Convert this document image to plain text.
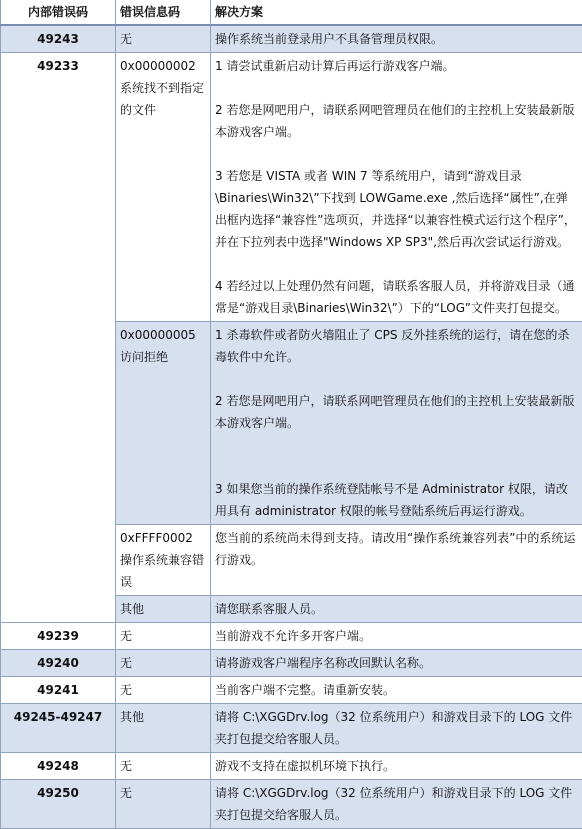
内部错误码	错误信息码	解决方案
49243	无	操作系统当前登录用户不具备管理员权限。
49233	0x00000002 系统找不到指定的文件	1 请尝试重新启动计算后再运行游戏客户端。

2 若您是网吧用户，请联系网吧管理员在他们的主控机上安装最新版本游戏客户端。

3 若您是 VISTA 或者 WIN 7 等系统用户，请到“游戏目录\Binaries\Win32\”下找到 LOWGame.exe ,然后选择“属性”,在弹出框内选择“兼容性”选项页，并选择“以兼容性模式运行这个程序”，并在下拉列表中选择"Windows XP SP3",然后再次尝试运行游戏。

4 若经过以上处理仍然有问题，请联系客服人员，并将游戏目录（通常是“游戏目录\Binaries\Win32\”）下的“LOG”文件夹打包提交。

	0x00000005 访问拒绝	1 杀毒软件或者防火墙阻止了 CPS 反外挂系统的运行，请在您的杀毒软件中允许。

2 若您是网吧用户，请联系网吧管理员在他们的主控机上安装最新版本游戏客户端。

3 如果您当前的操作系统登陆帐号不是 Administrator 权限，请改用具有 administrator 权限的帐号登陆系统后再运行游戏。

	0xFFFF0002 操作系统兼容错误	您当前的系统尚未得到支持。请改用“操作系统兼容列表”中的系统运行游戏。
	其他	请您联系客服人员。
49239	无	当前游戏不允许多开客户端。
49240	无	请将游戏客户端程序名称改回默认名称。
49241	无	当前客户端不完整。请重新安装。
49245-49247	其他	请将 C:\XGGDrv.log（32 位系统用户）和游戏目录下的 LOG 文件夹打包提交给客服人员。
49248	无	游戏不支持在虚拟机环境下执行。
49250	无	请将 C:\XGGDrv.log（32 位系统用户）和游戏目录下的 LOG 文件夹打包提交给客服人员。
